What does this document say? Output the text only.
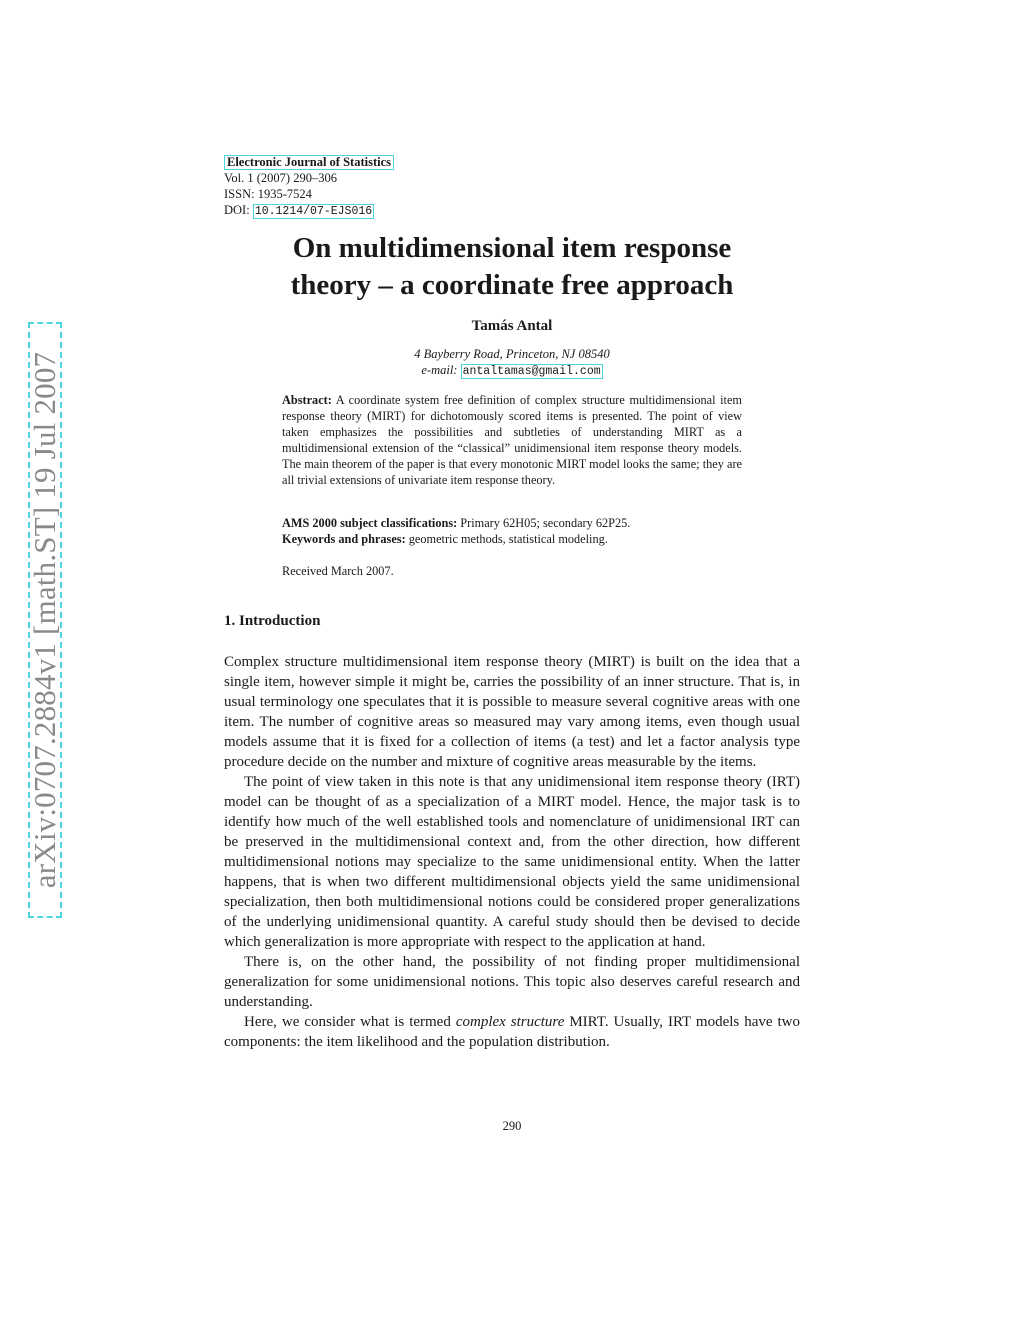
arXiv:0707.2884v1 [math.ST] 19 Jul 2007
Electronic Journal of Statistics
Vol. 1 (2007) 290–306
ISSN: 1935-7524
DOI: 10.1214/07-EJS016
On multidimensional item response
theory – a coordinate free approach
Tamás Antal
4 Bayberry Road, Princeton, NJ 08540
e-mail: antaltamas@gmail.com
Abstract: A coordinate system free definition of complex structure multidimensional item response theory (MIRT) for dichotomously scored items is presented. The point of view taken emphasizes the possibilities and subtleties of understanding MIRT as a multidimensional extension of the “classical” unidimensional item response theory models. The main theorem of the paper is that every monotonic MIRT model looks the same; they are all trivial extensions of univariate item response theory.
AMS 2000 subject classifications: Primary 62H05; secondary 62P25.
Keywords and phrases: geometric methods, statistical modeling.
Received March 2007.
1. Introduction

Complex structure multidimensional item response theory (MIRT) is built on the idea that a single item, however simple it might be, carries the possibility of an inner structure. That is, in usual terminology one speculates that it is possible to measure several cognitive areas with one item. The number of cognitive areas so measured may vary among items, even though usual models assume that it is fixed for a collection of items (a test) and let a factor analysis type procedure decide on the number and mixture of cognitive areas measurable by the items.

The point of view taken in this note is that any unidimensional item response theory (IRT) model can be thought of as a specialization of a MIRT model. Hence, the major task is to identify how much of the well established tools and nomenclature of unidimensional IRT can be preserved in the multidimensional context and, from the other direction, how different multidimensional notions may specialize to the same unidimensional entity. When the latter happens, that is when two different multidimensional objects yield the same unidimensional specialization, then both multidimensional notions could be considered proper generalizations of the underlying unidimensional quantity. A careful study should then be devised to decide which generalization is more appropriate with respect to the application at hand.

There is, on the other hand, the possibility of not finding proper multidimensional generalization for some unidimensional notions. This topic also deserves careful research and understanding.

Here, we consider what is termed complex structure MIRT. Usually, IRT models have two components: the item likelihood and the population distribution.

290
